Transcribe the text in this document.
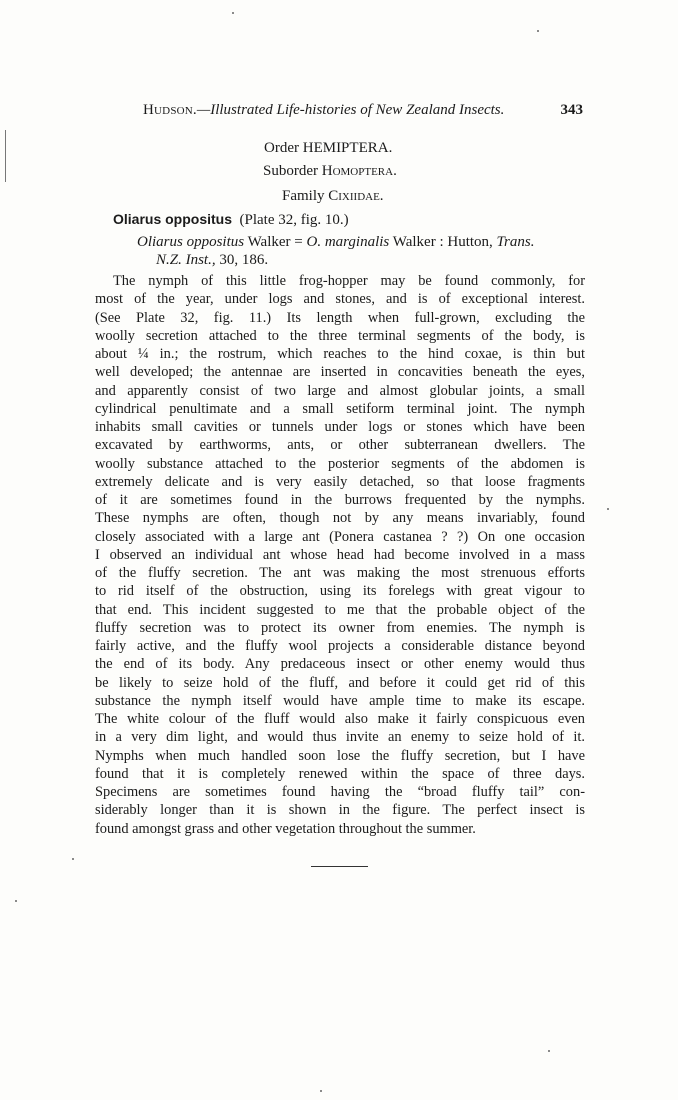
Hudson.—Illustrated Life-histories of New Zealand Insects.	343
Order HEMIPTERA.
Suborder Homoptera.
Family Cixiidae.
Oliarus oppositus (Plate 32, fig. 10.)
Oliarus oppositus Walker = O. marginalis Walker : Hutton, Trans.
N.Z. Inst., 30, 186.
The nymph of this little frog-hopper may be found commonly, for
most of the year, under logs and stones, and is of exceptional interest.
(See Plate 32, fig. 11.) Its length when full-grown, excluding the
woolly secretion attached to the three terminal segments of the body, is
about ¼ in.; the rostrum, which reaches to the hind coxae, is thin but
well developed; the antennae are inserted in concavities beneath the eyes,
and apparently consist of two large and almost globular joints, a small
cylindrical penultimate and a small setiform terminal joint. The nymph
inhabits small cavities or tunnels under logs or stones which have been
excavated by earthworms, ants, or other subterranean dwellers. The
woolly substance attached to the posterior segments of the abdomen is
extremely delicate and is very easily detached, so that loose fragments
of it are sometimes found in the burrows frequented by the nymphs.
These nymphs are often, though not by any means invariably, found
closely associated with a large ant (Ponera castanea ? ?) On one occasion
I observed an individual ant whose head had become involved in a mass
of the fluffy secretion. The ant was making the most strenuous efforts
to rid itself of the obstruction, using its forelegs with great vigour to
that end. This incident suggested to me that the probable object of the
fluffy secretion was to protect its owner from enemies. The nymph is
fairly active, and the fluffy wool projects a considerable distance beyond
the end of its body. Any predaceous insect or other enemy would thus
be likely to seize hold of the fluff, and before it could get rid of this
substance the nymph itself would have ample time to make its escape.
The white colour of the fluff would also make it fairly conspicuous even
in a very dim light, and would thus invite an enemy to seize hold of it.
Nymphs when much handled soon lose the fluffy secretion, but I have
found that it is completely renewed within the space of three days.
Specimens are sometimes found having the “broad fluffy tail” con-
siderably longer than it is shown in the figure. The perfect insect is
found amongst grass and other vegetation throughout the summer.
